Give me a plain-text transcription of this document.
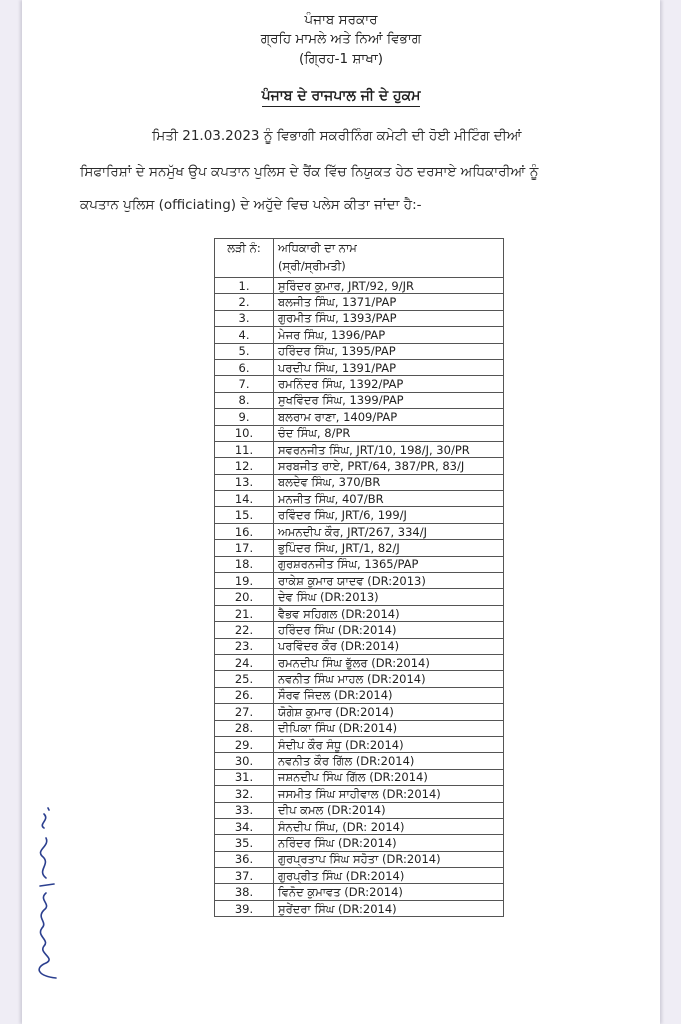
ਪੰਜਾਬ ਸਰਕਾਰ
ਗ੍ਰਹਿ ਮਾਮਲੇ ਅਤੇ ਨਿਆਂ ਵਿਭਾਗ
(ਗ੍ਰਿਹ-1 ਸ਼ਾਖਾ)
ਪੰਜਾਬ ਦੇ ਰਾਜਪਾਲ ਜੀ ਦੇ ਹੁਕਮ
ਮਿਤੀ 21.03.2023 ਨੂੰ ਵਿਭਾਗੀ ਸਕਰੀਨਿੰਗ ਕਮੇਟੀ ਦੀ ਹੋਈ ਮੀਟਿੰਗ ਦੀਆਂ
ਸਿਫਾਰਿਸ਼ਾਂ ਦੇ ਸਨਮੁੱਖ ਉਪ ਕਪਤਾਨ ਪੁਲਿਸ ਦੇ ਰੈਂਕ ਵਿੱਚ ਨਿਯੁਕਤ ਹੇਠ ਦਰਸਾਏ ਅਧਿਕਾਰੀਆਂ ਨੂੰ
ਕਪਤਾਨ ਪੁਲਿਸ (officiating) ਦੇ ਅਹੁੱਦੇ ਵਿਚ ਪਲੇਸ ਕੀਤਾ ਜਾਂਦਾ ਹੈ:-
ਲੜੀ ਨੰ:	ਅਧਿਕਾਰੀ ਦਾ ਨਾਮ
(ਸ੍ਰੀ/ਸ੍ਰੀਮਤੀ)

1.	ਸੁਰਿੰਦਰ ਕੁਮਾਰ, JRT/92, 9/JR
2.	ਬਲਜੀਤ ਸਿੰਘ, 1371/PAP
3.	ਗੁਰਮੀਤ ਸਿੰਘ, 1393/PAP
4.	ਮੇਜਰ ਸਿੰਘ, 1396/PAP
5.	ਹਰਿੰਦਰ ਸਿੰਘ, 1395/PAP
6.	ਪਰਦੀਪ ਸਿੰਘ, 1391/PAP
7.	ਰਮਨਿੰਦਰ ਸਿੰਘ, 1392/PAP
8.	ਸੁਖਵਿੰਦਰ ਸਿੰਘ, 1399/PAP
9.	ਬਲਰਾਮ ਰਾਣਾ, 1409/PAP
10.	ਚੰਦ ਸਿੰਘ, 8/PR
11.	ਸਵਰਨਜੀਤ ਸਿੰਘ, JRT/10, 198/J, 30/PR
12.	ਸਰਬਜੀਤ ਰਾਏ, PRT/64, 387/PR, 83/J
13.	ਬਲਦੇਵ ਸਿੰਘ, 370/BR
14.	ਮਨਜੀਤ ਸਿੰਘ, 407/BR
15.	ਰਵਿੰਦਰ ਸਿੰਘ, JRT/6, 199/J
16.	ਅਮਨਦੀਪ ਕੌਰ, JRT/267, 334/J
17.	ਭੁਪਿੰਦਰ ਸਿੰਘ, JRT/1, 82/J
18.	ਗੁਰਸ਼ਰਨਜੀਤ ਸਿੰਘ, 1365/PAP
19.	ਰਾਕੇਸ਼ ਕੁਮਾਰ ਯਾਦਵ (DR:2013)
20.	ਦੇਵ ਸਿੰਘ (DR:2013)
21.	ਵੈਭਵ ਸਹਿਗਲ (DR:2014)
22.	ਹਰਿੰਦਰ ਸਿੰਘ (DR:2014)
23.	ਪਰਵਿੰਦਰ ਕੌਰ (DR:2014)
24.	ਰਮਨਦੀਪ ਸਿੰਘ ਭੁੱਲਰ (DR:2014)
25.	ਨਵਨੀਤ ਸਿੰਘ ਮਾਹਲ (DR:2014)
26.	ਸੌਰਵ ਜਿੰਦਲ (DR:2014)
27.	ਯੋਗੇਸ਼ ਕੁਮਾਰ (DR:2014)
28.	ਦੀਪਿਕਾ ਸਿੰਘ (DR:2014)
29.	ਸੰਦੀਪ ਕੌਰ ਸੰਧੂ (DR:2014)
30.	ਨਵਨੀਤ ਕੌਰ ਗਿੱਲ (DR:2014)
31.	ਜਸ਼ਨਦੀਪ ਸਿੰਘ ਗਿੱਲ (DR:2014)
32.	ਜਸਮੀਤ ਸਿੰਘ ਸਾਹੀਵਾਲ (DR:2014)
33.	ਦੀਪ ਕਮਲ (DR:2014)
34.	ਸੰਨਦੀਪ ਸਿੰਘ, (DR: 2014)
35.	ਨਰਿੰਦਰ ਸਿੰਘ (DR:2014)
36.	ਗੁਰਪ੍ਰਤਾਪ ਸਿੰਘ ਸਹੋਤਾ (DR:2014)
37.	ਗੁਰਪ੍ਰੀਤ ਸਿੰਘ (DR:2014)
38.	ਵਿਨੋਦ ਕੁਮਾਵਤ (DR:2014)
39.	ਸੁਰੇਂਦਰਾ ਸਿੰਘ (DR:2014)
